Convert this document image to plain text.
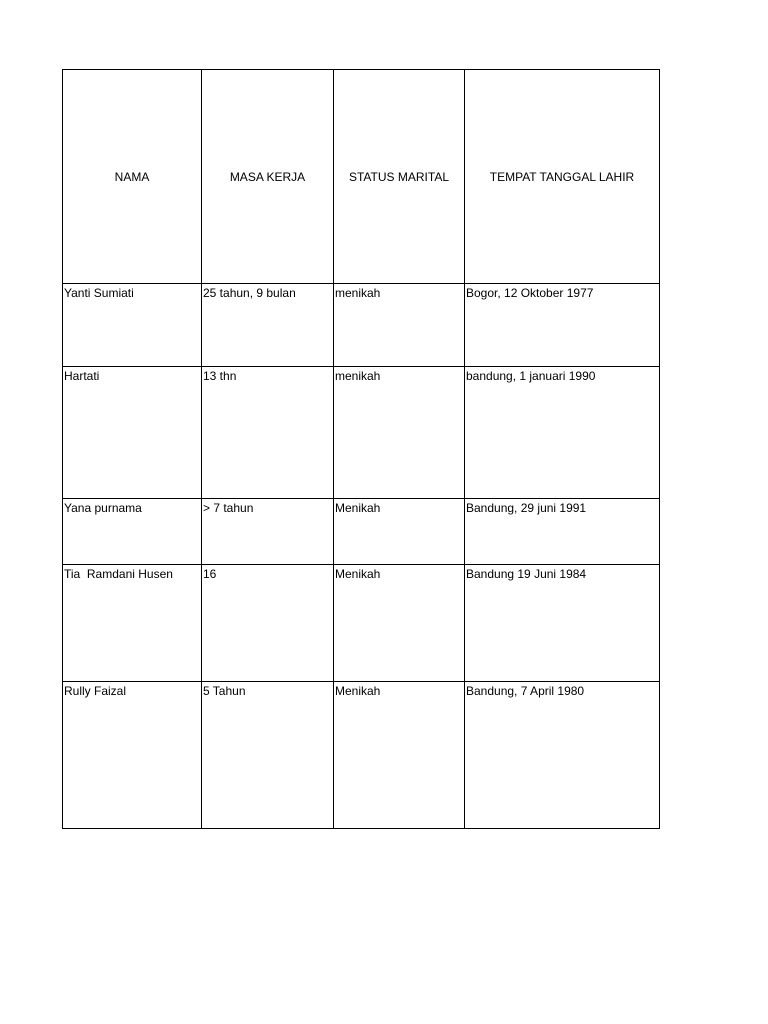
NAMA	MASA KERJA	STATUS MARITAL	TEMPAT TANGGAL LAHIR
Yanti Sumiati	25 tahun, 9 bulan	menikah	Bogor, 12 Oktober 1977
Hartati	13 thn	menikah	bandung, 1 januari 1990
Yana purnama	> 7 tahun	Menikah	Bandung, 29 juni 1991
Tia  Ramdani Husen	16	Menikah	Bandung 19 Juni 1984
Rully Faizal	5 Tahun	Menikah	Bandung, 7 April 1980
